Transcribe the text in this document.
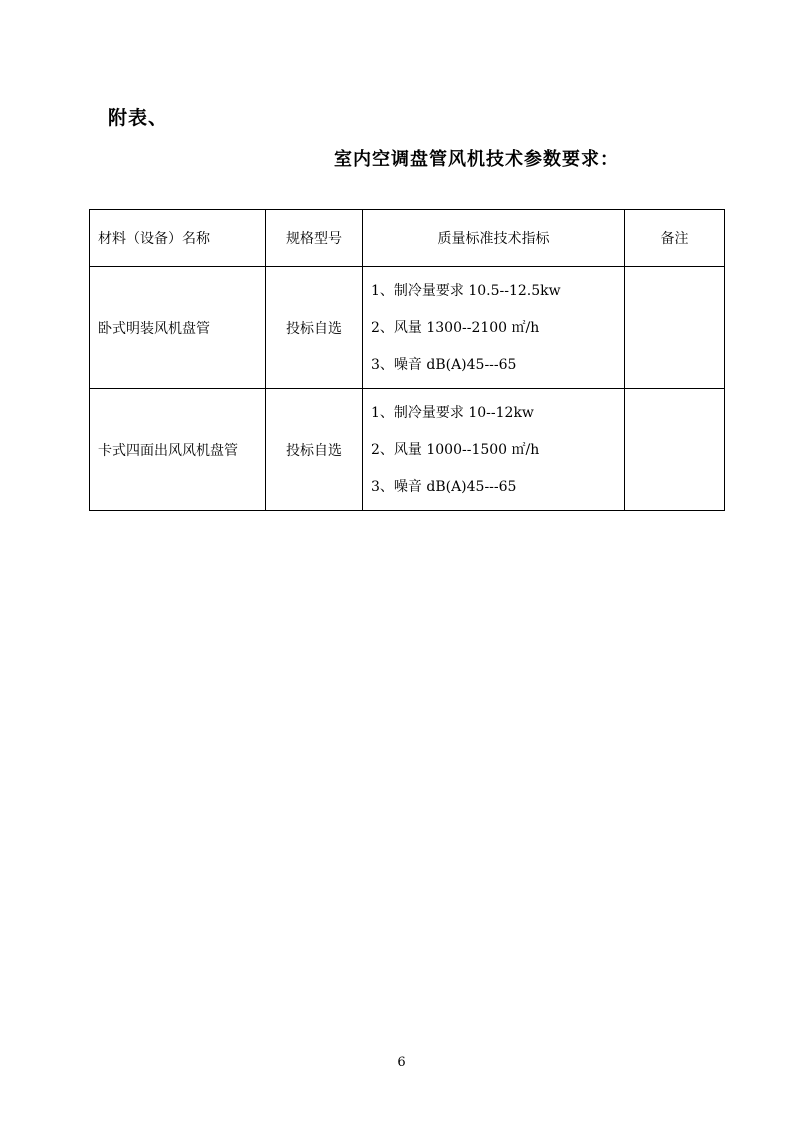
附表、
室内空调盘管风机技术参数要求：
材料（设备）名称	规格型号	质量标准技术指标	备注
卧式明装风机盘管	投标自选	1、制冷量要求 10.5--12.5kw
2、风量 1300--2100 ㎡/h
3、噪音 dB(A)45---65	

卡式四面出风风机盘管	投标自选	1、制冷量要求 10--12kw
2、风量 1000--1500 ㎡/h
3、噪音 dB(A)45---65	

6
